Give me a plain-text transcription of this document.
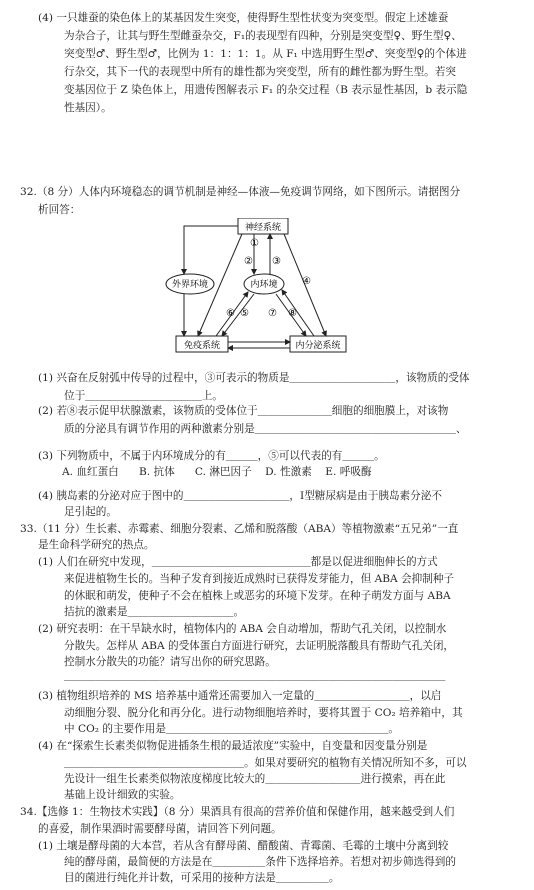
(4) 一只雄蚕的染色体上的某基因发生突变，使得野生型性状变为突变型。假定上述雄蚕
为杂合子，让其与野生型雌蚕杂交，F₁的表现型有四种，分别是突变型♀、野生型♀、
突变型♂、野生型♂，比例为 1：1：1：1。从 F₁ 中选用野生型♂、突变型♀的个体进
行杂交，其下一代的表现型中所有的雄性都为突变型，所有的雌性都为野生型。若突
变基因位于 Z 染色体上，用遗传图解表示 F₁ 的杂交过程（B 表示显性基因，b 表示隐
性基因）。
32.（8 分）人体内环境稳态的调节机制是神经—体液—免疫调节网络，如下图所示。请据图分
析回答：
(1) 兴奋在反射弧中传导的过程中，③可表示的物质是＿＿＿＿＿＿＿＿＿＿，该物质的受体
位于＿＿＿＿＿＿＿＿＿＿＿上。
(2) 若⑧表示促甲状腺激素，该物质的受体位于＿＿＿＿＿＿＿细胞的细胞膜上，对该物
质的分泌具有调节作用的两种激素分别是＿＿＿＿＿＿＿＿＿＿＿＿＿＿＿＿＿＿＿、
(3) 下列物质中，不属于内环境成分的有＿＿＿，⑤可以代表的有＿＿＿。
A. 血红蛋白      B. 抗体      C. 淋巴因子    D. 性激素    E. 呼吸酶
(4) 胰岛素的分泌对应于图中的＿＿＿＿＿＿＿＿＿＿，Ⅰ型糖尿病是由于胰岛素分泌不
足引起的。
33.（11 分）生长素、赤霉素、细胞分裂素、乙烯和脱落酸（ABA）等植物激素“五兄弟”一直
是生命科学研究的热点。
(1) 人们在研究中发现，＿＿＿＿＿＿＿＿＿＿＿＿＿＿＿都是以促进细胞伸长的方式
来促进植物生长的。当种子发育到接近成熟时已获得发芽能力，但 ABA 会抑制种子
的休眠和萌发，使种子不会在植株上或恶劣的环境下发芽。在种子萌发方面与 ABA
拮抗的激素是＿＿＿＿＿＿＿＿＿＿。
(2) 研究表明：在干旱缺水时，植物体内的 ABA 会自动增加，帮助气孔关闭，以控制水
分散失。怎样从 ABA 的受体蛋白方面进行研究，去证明脱落酸具有帮助气孔关闭，
控制水分散失的功能？请写出你的研究思路。
＿＿＿＿＿＿＿＿＿＿＿＿＿＿＿＿＿＿＿＿＿＿＿＿＿＿＿＿＿＿＿＿＿＿＿＿
(3) 植物组织培养的 MS 培养基中通常还需要加入一定量的＿＿＿＿＿＿＿＿＿，以启
动细胞分裂、脱分化和再分化。进行动物细胞培养时，要将其置于 CO₂ 培养箱中，其
中 CO₂ 的主要作用是＿＿＿＿＿＿＿＿＿＿＿＿＿＿＿＿＿＿＿＿＿。
(4) 在“探索生长素类似物促进插条生根的最适浓度”实验中，自变量和因变量分别是
＿＿＿＿＿＿＿＿＿＿＿＿＿＿＿＿＿。如果对要研究的植物有关情况所知不多，可以
先设计一组生长素类似物浓度梯度比较大的＿＿＿＿＿＿＿＿＿进行摸索，再在此
基础上设计细致的实验。
34.【选修 1：生物技术实践】（8 分）果酒具有很高的营养价值和保健作用，越来越受到人们
的喜爱，制作果酒时需要酵母菌，请回答下列问题。
(1) 土壤是酵母菌的大本营，若从含有酵母菌、醋酸菌、青霉菌、毛霉的土壤中分离到较
纯的酵母菌，最简便的方法是在＿＿＿＿＿条件下选择培养。若想对初步筛选得到的
目的菌进行纯化并计数，可采用的接种方法是＿＿＿＿＿。
神经系统
免疫系统	内分泌系统
外界环境	内环境
①
② ③
④
⑤
⑥	⑦ ⑧
